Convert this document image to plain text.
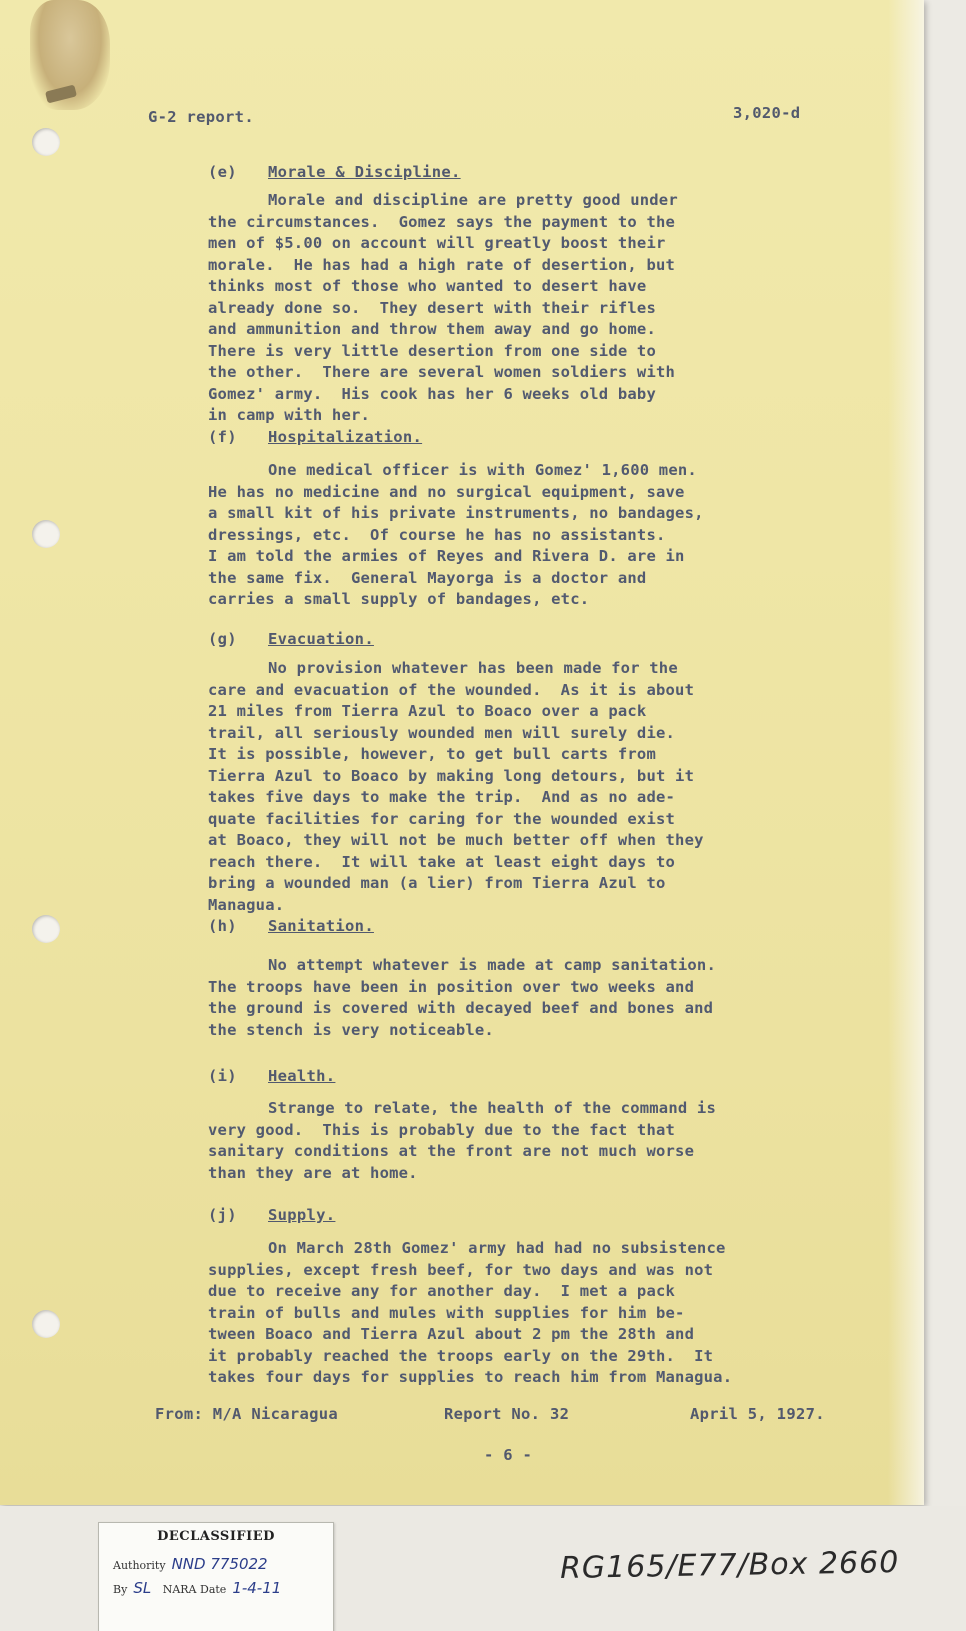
G-2 report.	3,020-d
(e) Morale & Discipline.
Morale and discipline are pretty good under
the circumstances.  Gomez says the payment to the
men of $5.00 on account will greatly boost their
morale.  He has had a high rate of desertion, but
thinks most of those who wanted to desert have
already done so.  They desert with their rifles
and ammunition and throw them away and go home.
There is very little desertion from one side to
the other.  There are several women soldiers with
Gomez' army.  His cook has her 6 weeks old baby
in camp with her.
(f) Hospitalization.
One medical officer is with Gomez' 1,600 men.
He has no medicine and no surgical equipment, save
a small kit of his private instruments, no bandages,
dressings, etc.  Of course he has no assistants.
I am told the armies of Reyes and Rivera D. are in
the same fix.  General Mayorga is a doctor and
carries a small supply of bandages, etc.
(g) Evacuation.
No provision whatever has been made for the
care and evacuation of the wounded.  As it is about
21 miles from Tierra Azul to Boaco over a pack
trail, all seriously wounded men will surely die.
It is possible, however, to get bull carts from
Tierra Azul to Boaco by making long detours, but it
takes five days to make the trip.  And as no ade-
quate facilities for caring for the wounded exist
at Boaco, they will not be much better off when they
reach there.  It will take at least eight days to
bring a wounded man (a lier) from Tierra Azul to
Managua.
(h) Sanitation.
No attempt whatever is made at camp sanitation.
The troops have been in position over two weeks and
the ground is covered with decayed beef and bones and
the stench is very noticeable.
(i) Health.
Strange to relate, the health of the command is
very good.  This is probably due to the fact that
sanitary conditions at the front are not much worse
than they are at home.
(j) Supply.
On March 28th Gomez' army had had no subsistence
supplies, except fresh beef, for two days and was not
due to receive any for another day.  I met a pack
train of bulls and mules with supplies for him be-
tween Boaco and Tierra Azul about 2 pm the 28th and
it probably reached the troops early on the 29th.  It
takes four days for supplies to reach him from Managua.
From: M/A Nicaragua	Report No. 32	April 5, 1927.
- 6 -
DECLASSIFIED
Authority NND 775022
By SL NARA Date 1-4-11
RG165/E77/Box 2660
